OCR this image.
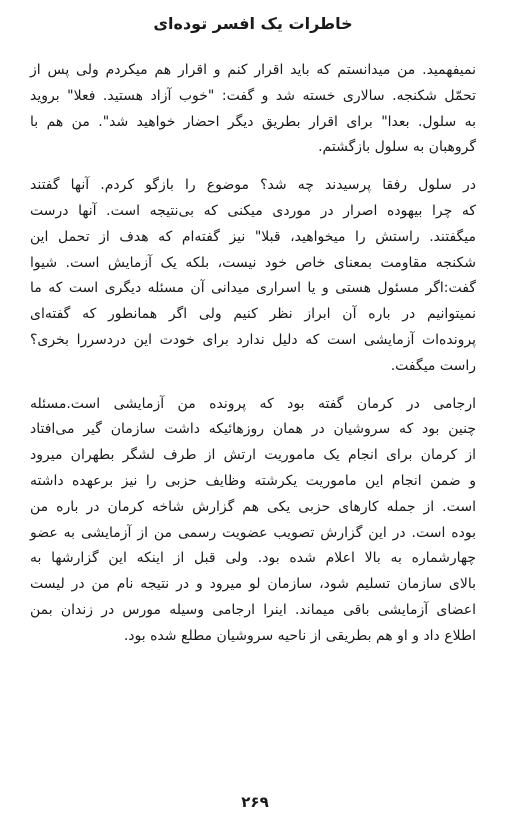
خاطرات یک افسر توده‌ای

نمیفهمید. من میدانستم که باید اقرار کنم و اقرار هم میکردم ولی پس از
تحمّل شکنجه. سالاری خسته شد و گفت: "خوب آزاد هستید. فعلا" بروید
به سلول. بعدا" برای اقرار بطریق دیگر احضار خواهید شد". من هم با
گروهبان به سلول بازگشتم.

در سلول رفقا پرسیدند چه شد؟ موضوع را بازگو کردم. آنها گفتند
که چرا بیهوده اصرار در موردی میکنی که بی‌نتیجه است. آنها درست
میگفتند. راستش را میخواهید، قبلا" نیز گفته‌ام که هدف از تحمل این
شکنجه مقاومت بمعنای خاص خود نیست، بلکه یک آزمایش است. شیوا
گفت:اگر مسئول هستی و یا اسراری میدانی آن مسئله دیگری است که ما
نمیتوانیم در باره آن ابراز نظر کنیم ولی اگر همانطور که گفته‌ای
پرونده‌ات آزمایشی است که دلیل ندارد برای خودت این دردسررا بخری؟
راست میگفت.

ارجامی در کرمان گفته بود که پرونده من آزمایشی است.مسئله
چنین بود که سروشیان در همان روزهائیکه داشت سازمان گیر می‌افتاد
از کرمان برای انجام یک ماموریت ارتش از طرف لشگر بطهران میرود
و ضمن انجام این ماموریت یکرشته وظایف حزبی را نیز برعهده داشته
است. از جمله کارهای حزبی یکی هم گزارش شاخه کرمان در باره من
بوده است. در این گزارش تصویب عضویت رسمی من از آزمایشی به عضو
چهارشماره به بالا اعلام شده بود. ولی قبل از اینکه این گزارشها به
بالای سازمان تسلیم شود، سازمان لو میرود و در نتیجه نام من در لیست
اعضای آزمایشی باقی میماند. اینرا ارجامی وسیله مورس در زندان بمن
اطلاع داد و او هم بطریقی از ناحیه سروشیان مطلع شده بود.

۲۶۹
